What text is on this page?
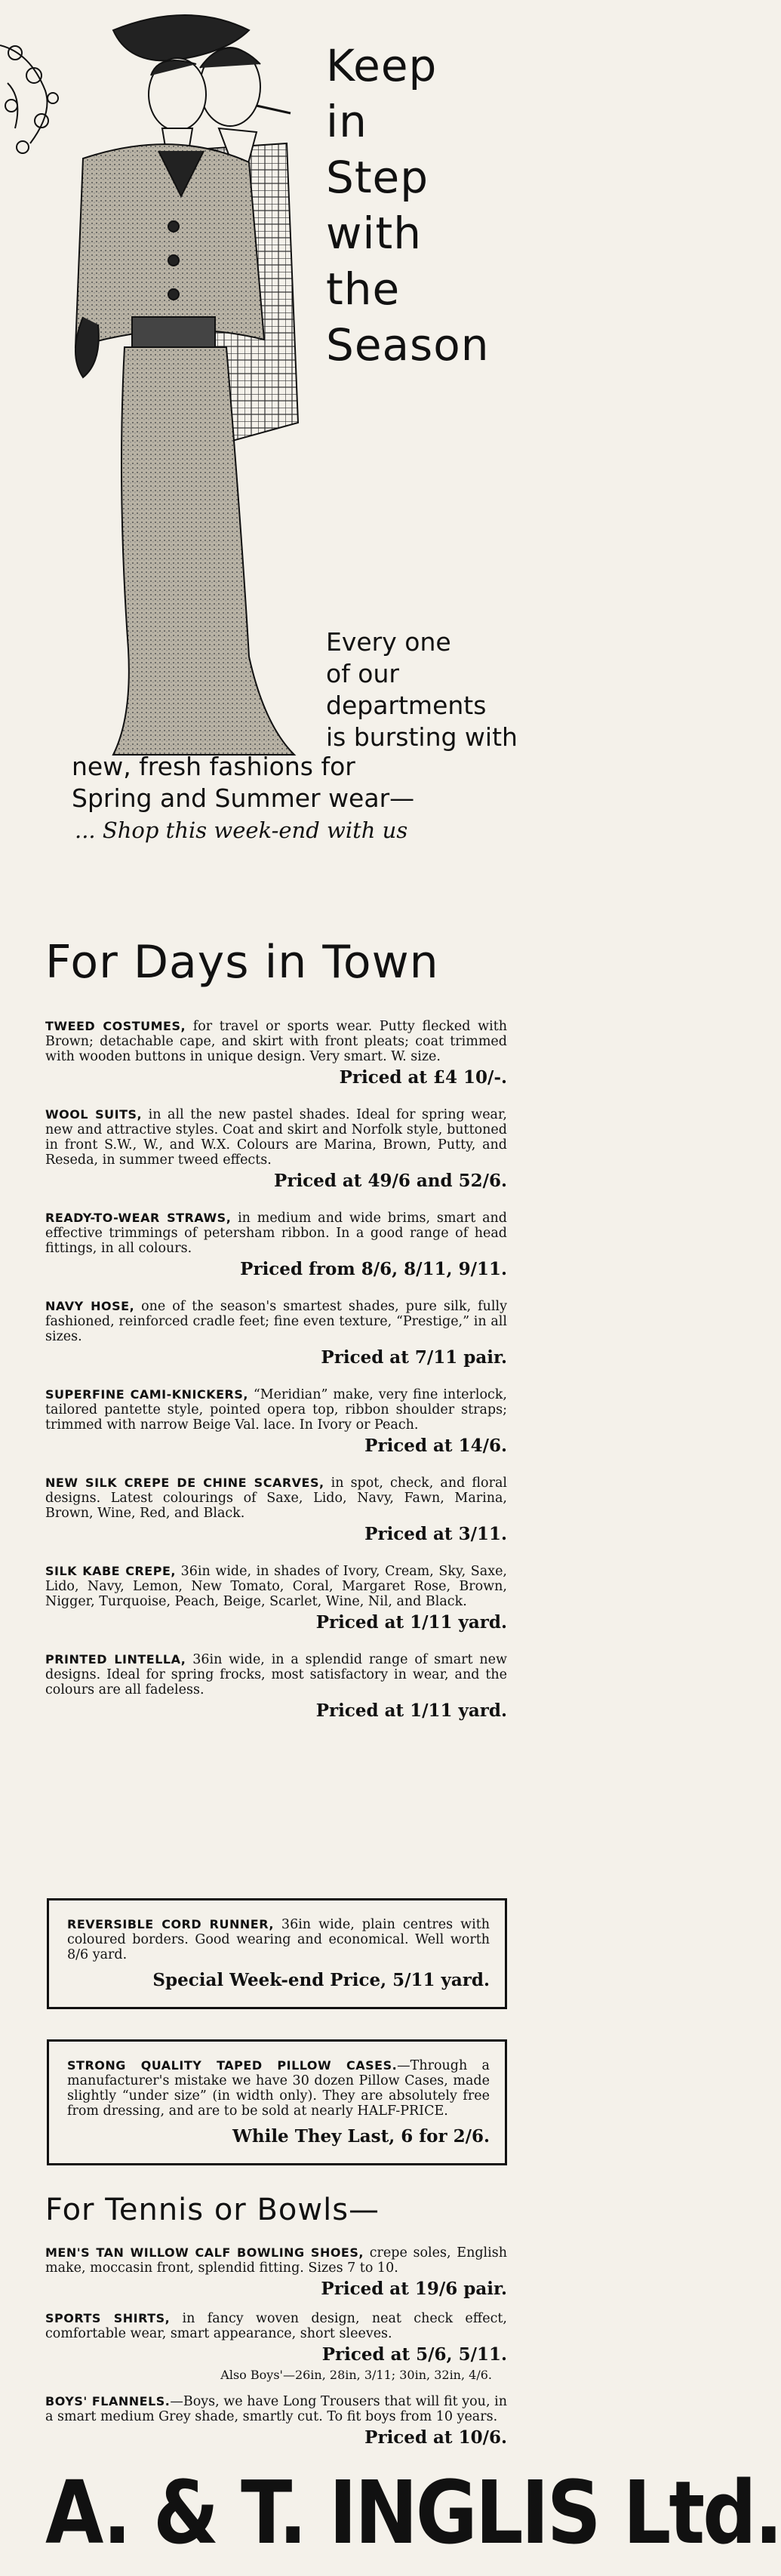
Keep
in
Step
with
the
Season
Every one
of our
departments
is bursting with
new, fresh fashions for
Spring and Summer wear—
... Shop this week-end with us
For Days in Town

TWEED COSTUMES, for travel or sports wear. Putty flecked with Brown; detachable cape, and skirt with front pleats; coat trimmed with wooden buttons in unique design. Very smart. W. size.

Priced at £4 10/-.

WOOL SUITS, in all the new pastel shades. Ideal for spring wear, new and attractive styles. Coat and skirt and Norfolk style, buttoned in front S.W., W., and W.X. Colours are Marina, Brown, Putty, and Reseda, in summer tweed effects.

Priced at 49/6 and 52/6.

READY-TO-WEAR STRAWS, in medium and wide brims, smart and effective trimmings of petersham ribbon. In a good range of head fittings, in all colours.

Priced from 8/6, 8/11, 9/11.

NAVY HOSE, one of the season's smartest shades, pure silk, fully fashioned, reinforced cradle feet; fine even texture, “Prestige,” in all sizes.

Priced at 7/11 pair.

SUPERFINE CAMI-KNICKERS, “Meridian” make, very fine interlock, tailored pantette style, pointed opera top, ribbon shoulder straps; trimmed with narrow Beige Val. lace. In Ivory or Peach.

Priced at 14/6.

NEW SILK CREPE DE CHINE SCARVES, in spot, check, and floral designs. Latest colourings of Saxe, Lido, Navy, Fawn, Marina, Brown, Wine, Red, and Black.

Priced at 3/11.

SILK KABE CREPE, 36in wide, in shades of Ivory, Cream, Sky, Saxe, Lido, Navy, Lemon, New Tomato, Coral, Margaret Rose, Brown, Nigger, Turquoise, Peach, Beige, Scarlet, Wine, Nil, and Black.

Priced at 1/11 yard.

PRINTED LINTELLA, 36in wide, in a splendid range of smart new designs. Ideal for spring frocks, most satisfactory in wear, and the colours are all fadeless.

Priced at 1/11 yard.

REVERSIBLE CORD RUNNER, 36in wide, plain centres with coloured borders. Good wearing and economical. Well worth 8/6 yard.

Special Week-end Price, 5/11 yard.

STRONG QUALITY TAPED PILLOW CASES.—Through a manufacturer's mistake we have 30 dozen Pillow Cases, made slightly “under size” (in width only). They are absolutely free from dressing, and are to be sold at nearly HALF-PRICE.

While They Last, 6 for 2/6.
For Tennis or Bowls—

MEN'S TAN WILLOW CALF BOWLING SHOES, crepe soles, English make, moccasin front, splendid fitting. Sizes 7 to 10.

Priced at 19/6 pair.

SPORTS SHIRTS, in fancy woven design, neat check effect, comfortable wear, smart appearance, short sleeves.

Priced at 5/6, 5/11.
Also Boys'—26in, 28in, 3/11; 30in, 32in, 4/6.

BOYS' FLANNELS.—Boys, we have Long Trousers that will fit you, in a smart medium Grey shade, smartly cut. To fit boys from 10 years.

Priced at 10/6.
A. & T. INGLIS Ltd.
